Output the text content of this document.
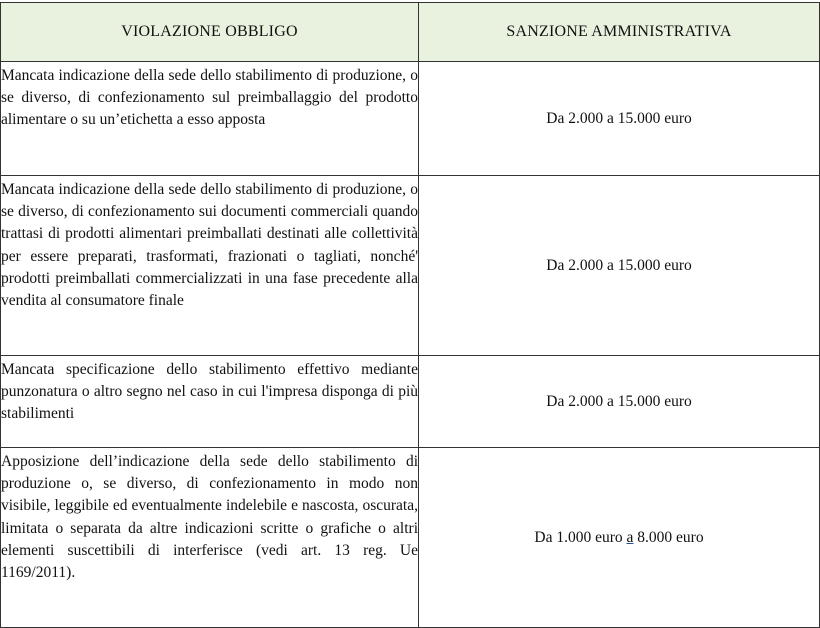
VIOLAZIONE OBBLIGO	SANZIONE AMMINISTRATIVA

Mancata indicazione della sede dello stabilimento di produzione, o se diverso, di confezionamento sul preimballaggio del prodotto alimentare o su un’etichetta a esso apposta	Da 2.000 a 15.000 euro

Mancata indicazione della sede dello stabilimento di produzione, o se diverso, di confezionamento sui documenti commerciali quando trattasi di prodotti alimentari preimballati destinati alle collettività per essere preparati, trasformati, frazionati o tagliati, nonché' prodotti preimballati commercializzati in una fase precedente alla vendita al consumatore finale	Da 2.000 a 15.000 euro

Mancata specificazione dello stabilimento effettivo mediante punzonatura o altro segno nel caso in cui l'impresa disponga di più stabilimenti	Da 2.000 a 15.000 euro

Apposizione dell’indicazione della sede dello stabilimento di produzione o, se diverso, di confezionamento in modo non visibile, leggibile ed eventualmente indelebile e nascosta, oscurata, limitata o separata da altre indicazioni scritte o grafiche o altri elementi suscettibili di interferisce (vedi art. 13 reg. Ue 1169/2011).	Da 1.000 euro a 8.000 euro
